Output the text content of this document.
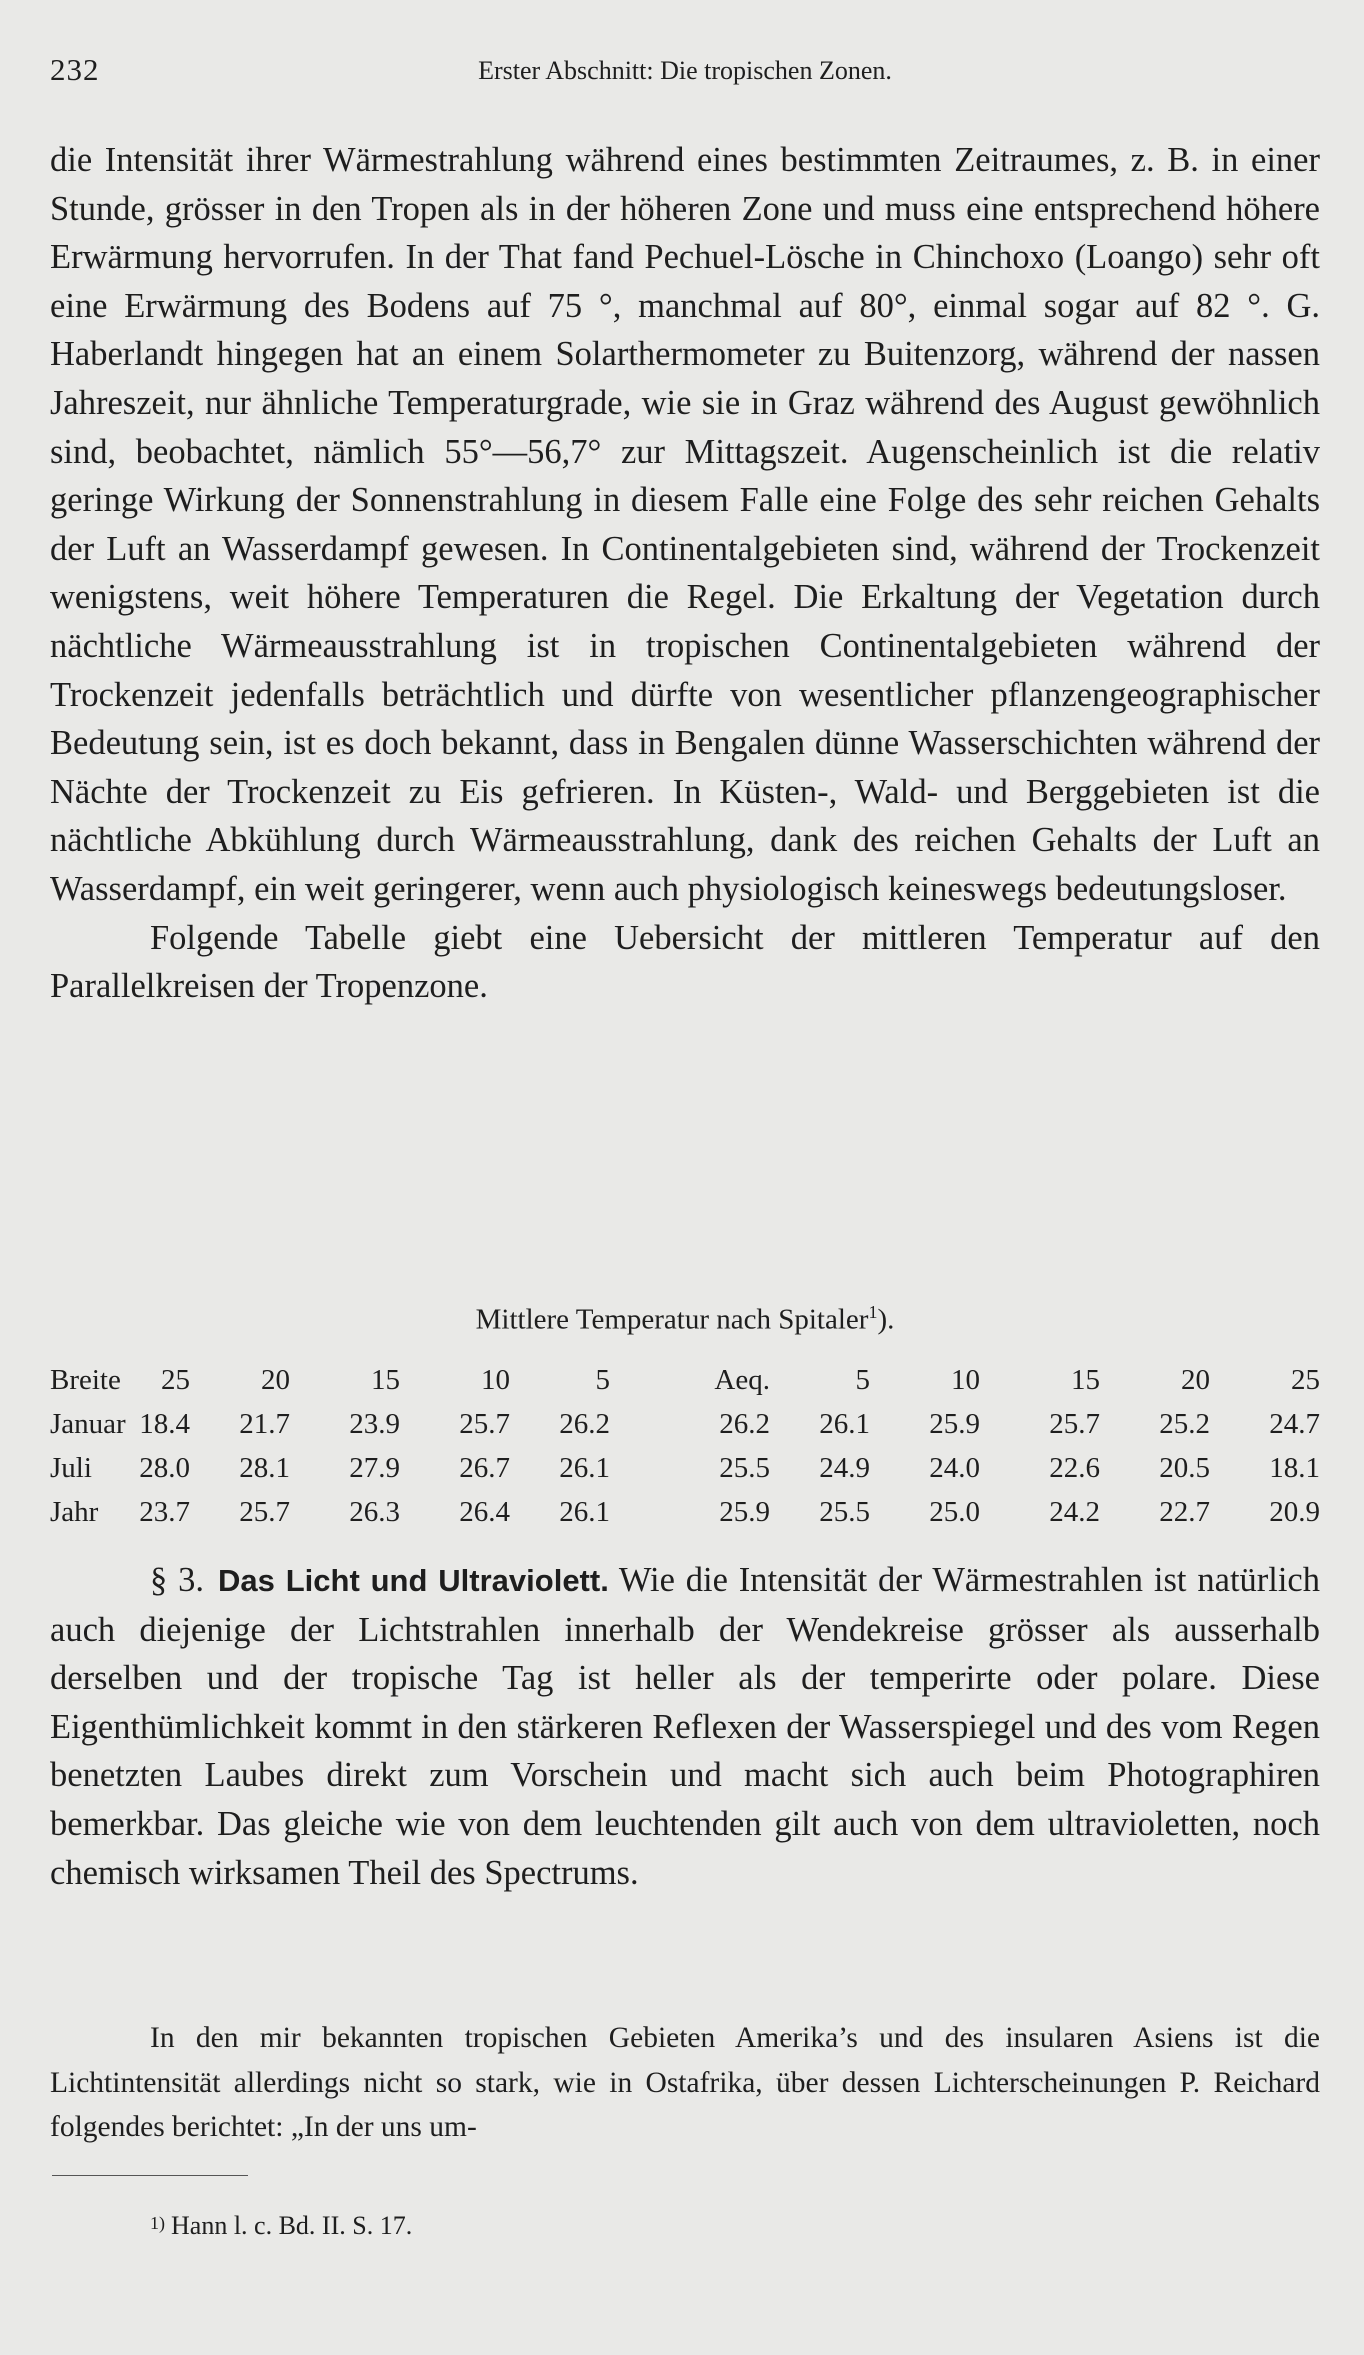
232	Erster Abschnitt: Die tropischen Zonen.

die Intensität ihrer Wärmestrahlung während eines bestimmten Zeitraumes, z. B. in einer Stunde, grösser in den Tropen als in der höheren Zone und muss eine entsprechend höhere Erwärmung hervorrufen. In der That fand Pechuel-Lösche in Chinchoxo (Loango) sehr oft eine Erwärmung des Bodens auf 75 °, manchmal auf 80°, einmal sogar auf 82 °. G. Haberlandt hingegen hat an einem Solarthermometer zu Buitenzorg, während der nassen Jahreszeit, nur ähnliche Temperaturgrade, wie sie in Graz während des August gewöhnlich sind, beobachtet, nämlich 55°—56,7° zur Mittagszeit. Augenscheinlich ist die relativ geringe Wirkung der Sonnenstrahlung in diesem Falle eine Folge des sehr reichen Gehalts der Luft an Wasserdampf gewesen. In Continentalgebieten sind, während der Trockenzeit wenigstens, weit höhere Temperaturen die Regel. Die Erkaltung der Vegetation durch nächtliche Wärmeausstrahlung ist in tropischen Continentalgebieten während der Trockenzeit jedenfalls beträchtlich und dürfte von wesentlicher pflanzengeographischer Bedeutung sein, ist es doch bekannt, dass in Bengalen dünne Wasserschichten während der Nächte der Trockenzeit zu Eis gefrieren. In Küsten-, Wald- und Berggebieten ist die nächtliche Abkühlung durch Wärmeausstrahlung, dank des reichen Gehalts der Luft an Wasserdampf, ein weit geringerer, wenn auch physiologisch keineswegs bedeutungsloser.

Folgende Tabelle giebt eine Uebersicht der mittleren Temperatur auf den Parallelkreisen der Tropenzone.

Mittlere Temperatur nach Spitaler$^1$).
Breite	25	20	15	10	5	Aeq.	5	10	15	20	25
Januar 18.4	21.7	23.9	25.7	26.2	26.2	26.1	25.9	25.7	25.2	24.7
Juli	28.0	28.1	27.9	26.7	26.1	25.5	24.9	24.0	22.6	20.5	18.1
Jahr	23.7	25.7	26.3	26.4	26.1	25.9	25.5	25.0	24.2	22.7	20.9

§ 3. Das Licht und Ultraviolett. Wie die Intensität der Wärmestrahlen ist natürlich auch diejenige der Lichtstrahlen innerhalb der Wendekreise grösser als ausserhalb derselben und der tropische Tag ist heller als der temperirte oder polare. Diese Eigenthümlichkeit kommt in den stärkeren Reflexen der Wasserspiegel und des vom Regen benetzten Laubes direkt zum Vorschein und macht sich auch beim Photographiren bemerkbar. Das gleiche wie von dem leuchtenden gilt auch von dem ultravioletten, noch chemisch wirksamen Theil des Spectrums.

In den mir bekannten tropischen Gebieten Amerika’s und des insularen Asiens ist die Lichtintensität allerdings nicht so stark, wie in Ostafrika, über dessen Lichterscheinungen P. Reichard folgendes berichtet: „In der uns um-

$^{1)}$ Hann l. c. Bd. II. S. 17.
